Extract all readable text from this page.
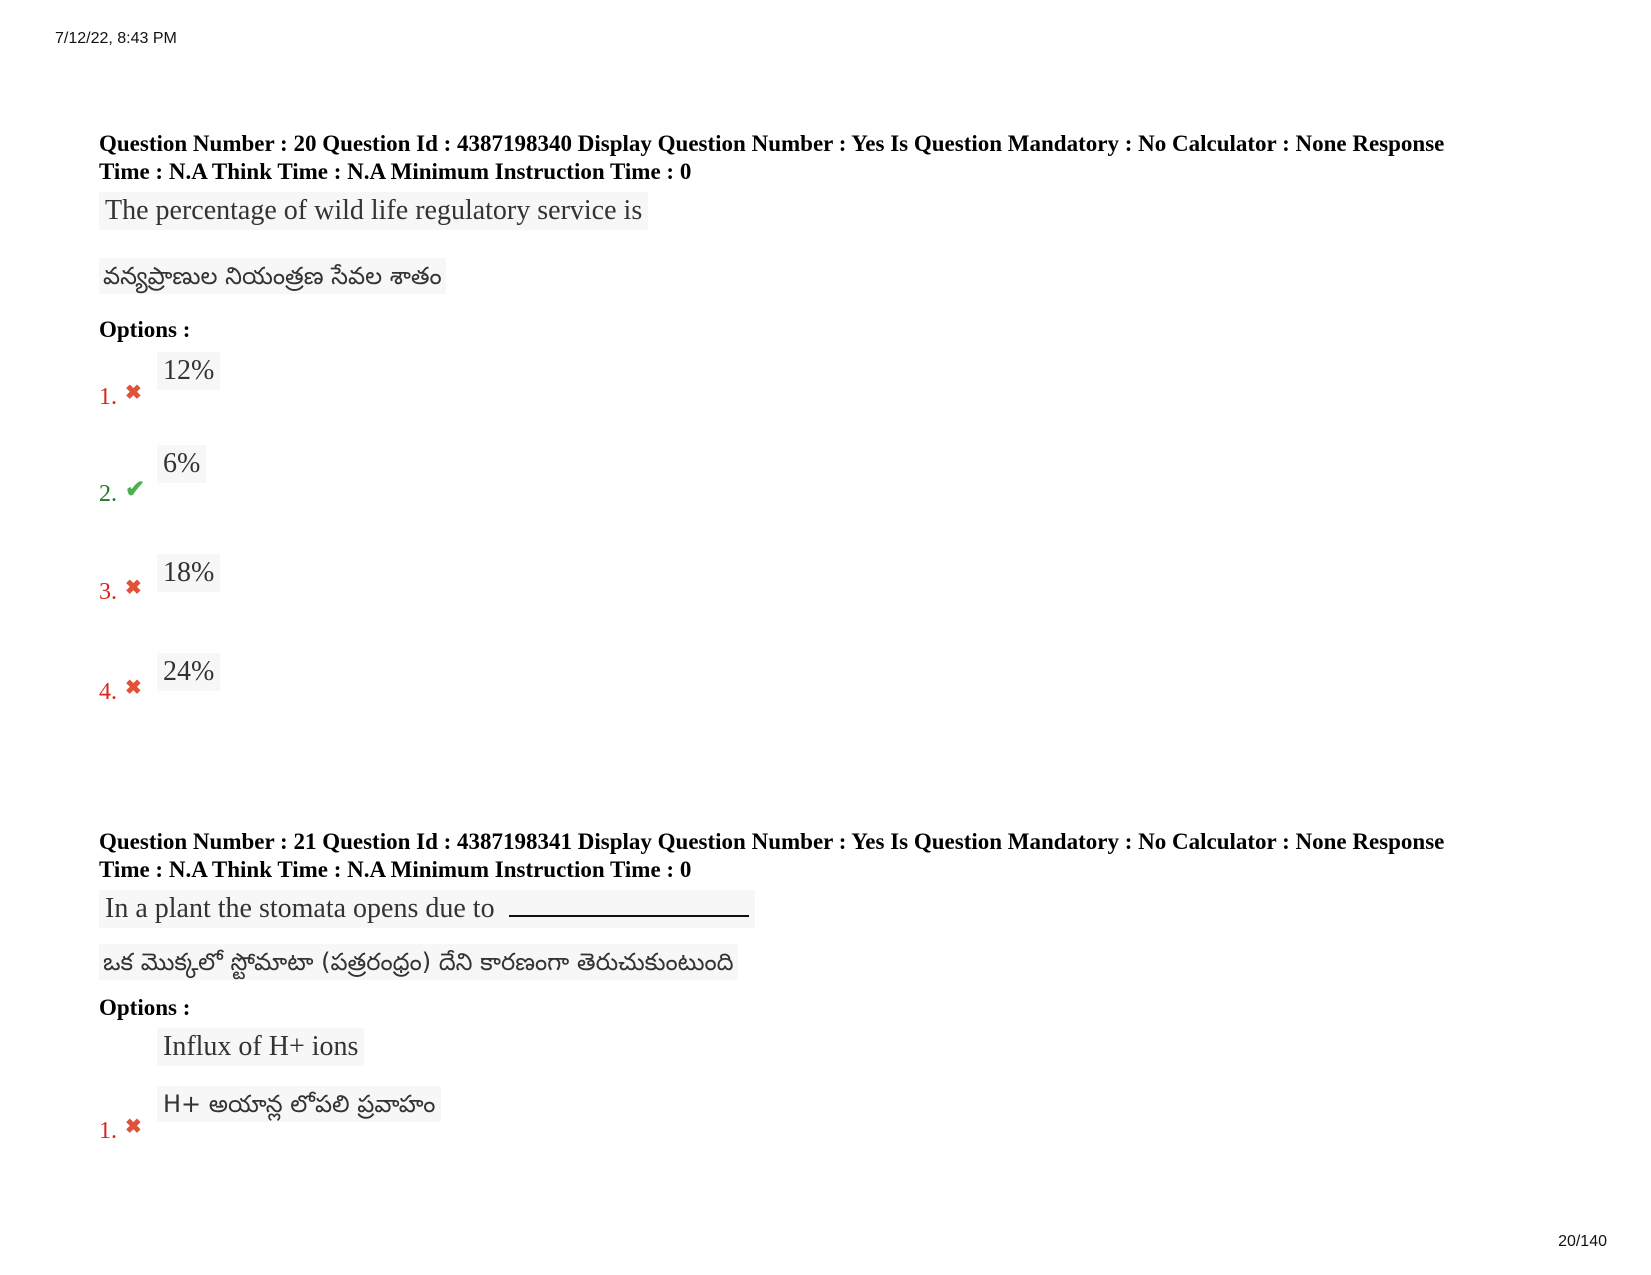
7/12/22, 8:43 PM

Question Number : 20 Question Id : 4387198340 Display Question Number : Yes Is Question Mandatory : No Calculator : None Response

Time : N.A Think Time : N.A Minimum Instruction Time : 0

The percentage of wild life regulatory service is
వన్యప్రాణుల నియంత్రణ సేవల శాతం
Options :
12%
1. ✖
6%
2. ✔
18%
3. ✖
24%
4. ✖

Question Number : 21 Question Id : 4387198341 Display Question Number : Yes Is Question Mandatory : No Calculator : None Response

Time : N.A Think Time : N.A Minimum Instruction Time : 0

In a plant the stomata opens due to
ఒక మొక్కలో స్టోమాటా (పత్రరంధ్రం) దేని కారణంగా తెరుచుకుంటుంది
Options :
Influx of H+ ions
H+ అయాన్ల లోపలి ప్రవాహం
1. ✖
20/140
